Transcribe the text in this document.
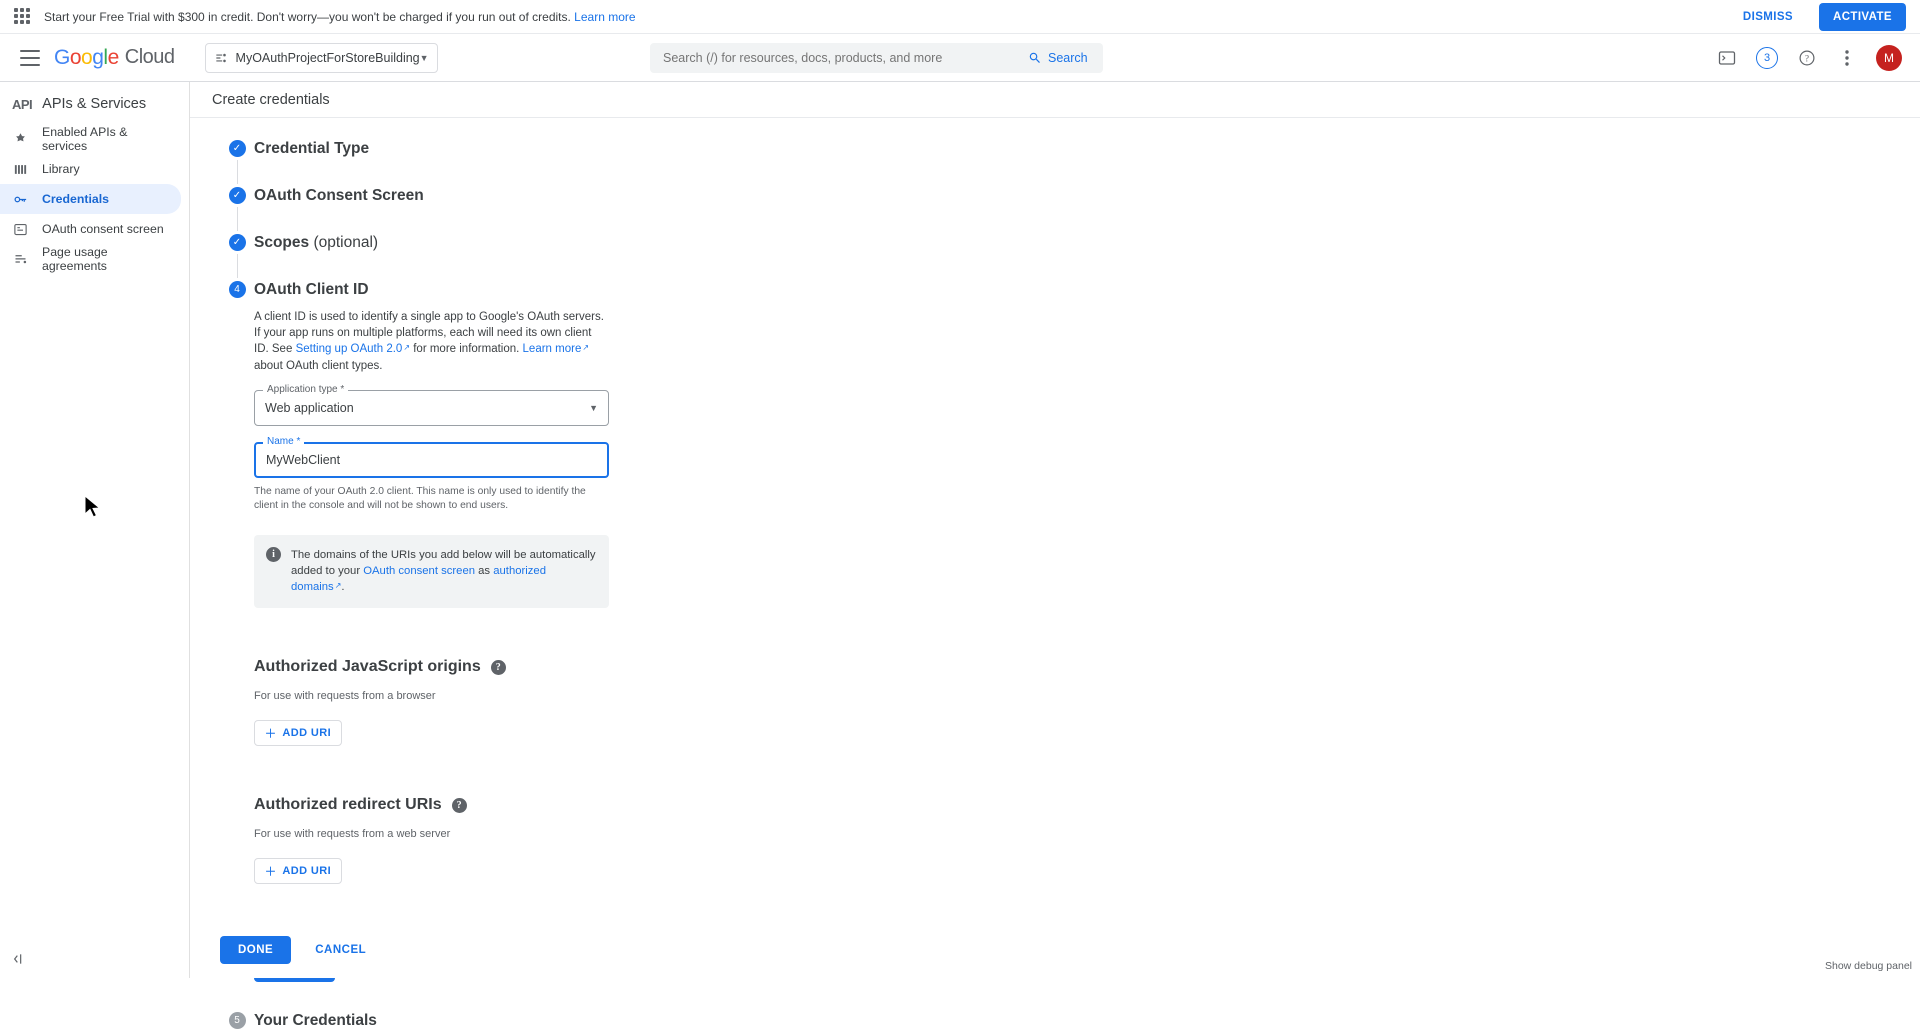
Start your Free Trial with $300 in credit. Don't worry—you won't be charged if you run out of credits. Learn more	DISMISS	ACTIVATE
G o o g l e Cloud	MyOAuthProjectForStoreBuilding ▼
Search (/) for resources, docs, products, and more	Search	3	?	M
API APIs & Services
Enabled APIs & services
Library
Credentials
OAuth consent screen
Page usage agreements
Create credentials
✓ Credential Type
✓ OAuth Consent Screen
✓ Scopes (optional)
4 OAuth Client ID
A client ID is used to identify a single app to Google's OAuth servers. If your app runs on multiple platforms, each will need its own client ID. See Setting up OAuth 2.0 ↗ for more information. Learn more ↗ about OAuth client types.
Application type *
Web application	▼
Name *
MyWebClient
The name of your OAuth 2.0 client. This name is only used to identify the client in the console and will not be shown to end users.
i	The domains of the URIs you add below will be automatically added to your OAuth consent screen as authorized domains ↗ .
Authorized JavaScript origins	?
For use with requests from a browser
＋ ADD URI
Authorized redirect URIs	?
For use with requests from a web server
＋ ADD URI
5 Your Credentials
DONE	CANCEL
Show debug panel
